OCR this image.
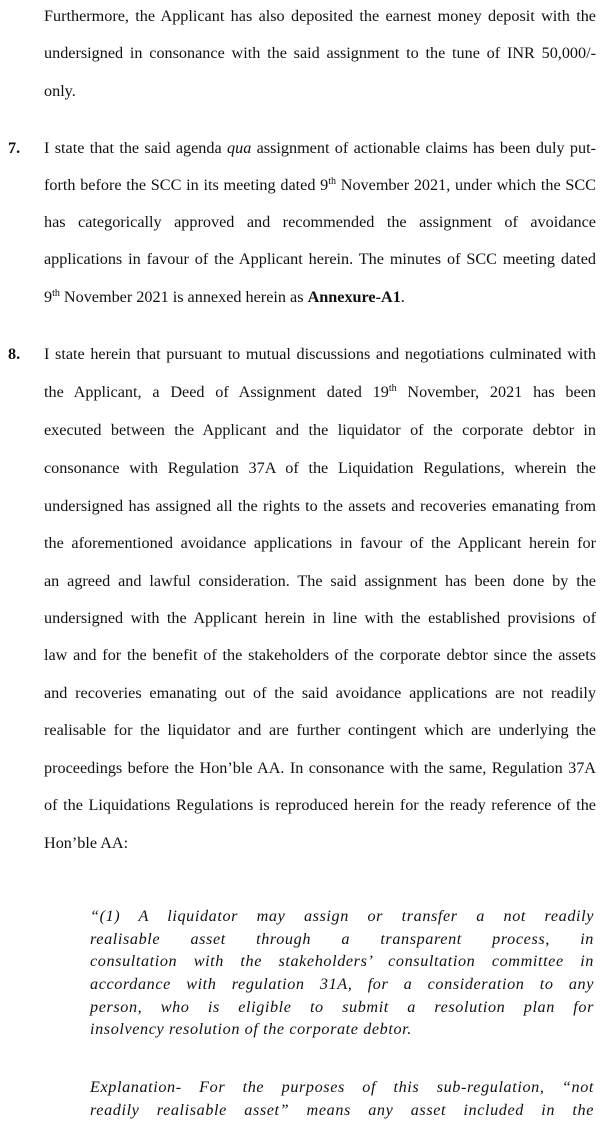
Furthermore, the Applicant has also deposited the earnest money deposit with the
undersigned in consonance with the said assignment to the tune of INR 50,000/-
only.
7. I state that the said agenda qua assignment of actionable claims has been duly put-
forth before the SCC in its meeting dated 9th November 2021, under which the SCC
has categorically approved and recommended the assignment of avoidance
applications in favour of the Applicant herein. The minutes of SCC meeting dated
9th November 2021 is annexed herein as Annexure-A1.
8. I state herein that pursuant to mutual discussions and negotiations culminated with
the Applicant, a Deed of Assignment dated 19th November, 2021 has been
executed between the Applicant and the liquidator of the corporate debtor in
consonance with Regulation 37A of the Liquidation Regulations, wherein the
undersigned has assigned all the rights to the assets and recoveries emanating from
the aforementioned avoidance applications in favour of the Applicant herein for
an agreed and lawful consideration. The said assignment has been done by the
undersigned with the Applicant herein in line with the established provisions of
law and for the benefit of the stakeholders of the corporate debtor since the assets
and recoveries emanating out of the said avoidance applications are not readily
realisable for the liquidator and are further contingent which are underlying the
proceedings before the Hon’ble AA. In consonance with the same, Regulation 37A
of the Liquidations Regulations is reproduced herein for the ready reference of the
Hon’ble AA:
“(1) A liquidator may assign or transfer a not readily
realisable asset through a transparent process, in
consultation with the stakeholders’ consultation committee in
accordance with regulation 31A, for a consideration to any
person, who is eligible to submit a resolution plan for
insolvency resolution of the corporate debtor.
Explanation- For the purposes of this sub-regulation, “not
readily realisable asset” means any asset included in the
